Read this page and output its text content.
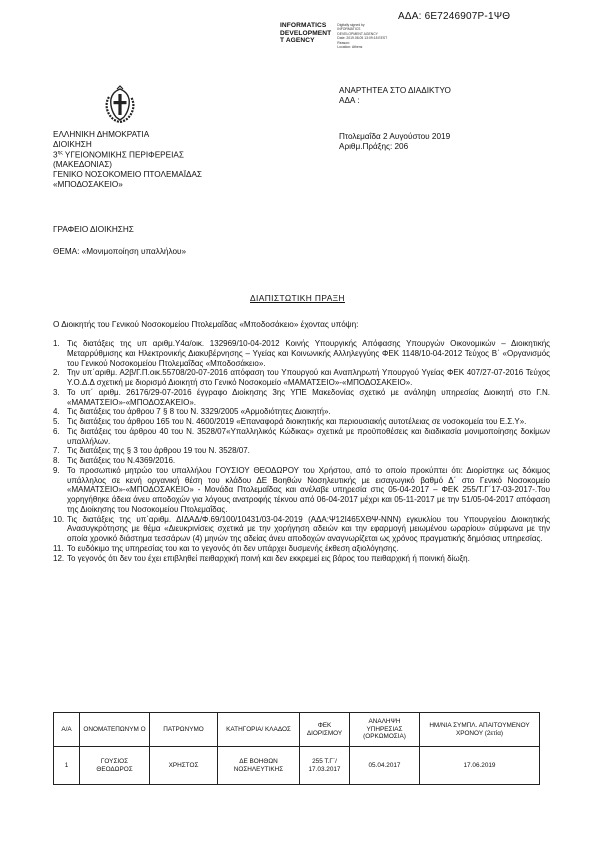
ΑΔΑ: 6Ε7246907Ρ-1ΨΘ
INFORMATICS
DEVELOPMENT
T AGENCY
Digitally signed by
INFORMATICS
DEVELOPMENT AGENCY
Date: 2019.08.05 13:09:18 EEST
Reason:
Location: Athens
ΕΛΛΗΝΙΚΗ ΔΗΜΟΚΡΑΤΙΑ
ΔΙΟΙΚΗΣΗ
$3^{\eta\varsigma}$ ΥΓΕΙΟΝΟΜΙΚΗΣ ΠΕΡΙΦΕΡΕΙΑΣ
(ΜΑΚΕΔΟΝΙΑΣ)
ΓΕΝΙΚΟ ΝΟΣΟΚΟΜΕΙΟ ΠΤΟΛΕΜΑΪΔΑΣ
«ΜΠΟΔΟΣΑΚΕΙΟ»
ΑΝΑΡΤΗΤΕΑ ΣΤΟ ΔΙΑΔΙΚΤΥΟ
ΑΔΑ :
Πτολεμαΐδα 2 Αυγούστου 2019
Αριθμ.Πράξης: 206
ΓΡΑΦΕΙΟ ΔΙΟΙΚΗΣΗΣ
ΘΕΜΑ: «Μονιμοποίηση υπαλλήλου»
ΔΙΑΠΙΣΤΩΤΙΚΗ ΠΡΑΞΗ
Ο Διοικητής του Γενικού Νοσοκομείου Πτολεμαΐδας «Μποδοσάκειο» έχοντας υπόψη:
1. Τις διατάξεις της υπ αριθμ.Υ4α/οικ. 132969/10-04-2012 Κοινής Υπουργικής Απόφασης Υπουργών Οικονομικών – Διοικητικής Μεταρρύθμισης και Ηλεκτρονικής Διακυβέρνησης – Υγείας και Κοινωνικής Αλληλεγγύης ΦΕΚ 1148/10-04-2012 Τεύχος Β΄ «Οργανισμός του Γενικού Νοσοκομείου Πτολεμαΐδας «Μποδοσάκειο».
2. Την υπ΄αριθμ. Α2β/Γ.Π.οικ.55708/20-07-2016 απόφαση του Υπουργού και Αναπληρωτή Υπουργού Υγείας ΦΕΚ 407/27-07-2016 Τεύχος Υ.Ο.Δ.Δ σχετική με διορισμό Διοικητή στο Γενικό Νοσοκομείο «ΜΑΜΑΤΣΕΙΟ»-«ΜΠΟΔΟΣΑΚΕΙΟ».
3. Το υπ΄ αριθμ. 26176/29-07-2016 έγγραφο Διοίκησης 3ης ΥΠΕ Μακεδονίας σχετικό με ανάληψη υπηρεσίας Διοικητή στο Γ.Ν. «ΜΑΜΑΤΣΕΙΟ»-«ΜΠΟΔΟΣΑΚΕΙΟ».
4. Τις διατάξεις του άρθρου 7 § 8 του Ν. 3329/2005 «Αρμοδιότητες Διοικητή».
5. Τις διατάξεις του άρθρου 165 του Ν. 4600/2019 «Επαναφορά διοικητικής και περιουσιακής αυτοτέλειας σε νοσοκομεία του Ε.Σ.Υ».
6. Τις διατάξεις του άρθρου 40 του Ν. 3528/07«Υπαλληλικός Κώδικας» σχετικά με προϋποθέσεις και διαδικασία μονιμοποίησης δοκίμων υπαλλήλων.
7. Τις διατάξεις της § 3 του άρθρου 19 του Ν. 3528/07.
8. Τις διατάξεις του Ν.4369/2016.
9. Το προσωπικό μητρώο του υπαλλήλου ΓΟΥΣΙΟΥ ΘΕΟΔΩΡΟΥ του Χρήστου, από το οποίο προκύπτει ότι: Διορίστηκε ως δόκιμος υπάλληλος σε κενή οργανική θέση του κλάδου ΔΕ Βοηθών Νοσηλευτικής με εισαγωγικό βαθμό Δ΄ στο Γενικό Νοσοκομείο «ΜΑΜΑΤΣΕΙΟ»-«ΜΠΟΔΟΣΑΚΕΙΟ» - Μονάδα Πτολεμαΐδας και ανέλαβε υπηρεσία στις 05-04-2017 – ΦΕΚ 255/Τ.Γ΄17-03-2017-.Του χορηγήθηκε άδεια άνευ αποδοχών για λόγους ανατροφής τέκνου από 06-04-2017 μέχρι και 05-11-2017 με την 51/05-04-2017 απόφαση της Διοίκησης του Νοσοκομείου Πτολεμαΐδας.
10. Τις διατάξεις της υπ΄αριθμ. ΔΙΔΑΔ/Φ.69/100/10431/03-04-2019 (ΑΔΑ:Ψ12Ι465ΧΘΨ-ΝΝΝ) εγκυκλίου του Υπουργείου Διοικητικής Ανασυγκρότησης με θέμα «Διευκρινίσεις σχετικά με την χορήγηση αδειών και την εφαρμογή μειωμένου ωραρίου» σύμφωνα με την οποία χρονικό διάστημα τεσσάρων (4) μηνών της αδείας άνευ αποδοχών αναγνωρίζεται ως χρόνος πραγματικής δημόσιας υπηρεσίας.
11. Το ευδόκιμο της υπηρεσίας του και το γεγονός ότι δεν υπάρχει δυσμενής έκθεση αξιολόγησης.
12. Το γεγονός ότι δεν του έχει επιβληθεί πειθαρχική ποινή και δεν εκκρεμεί εις βάρος του πειθαρχική ή ποινική δίωξη.
Α/Α	ΟΝΟΜΑΤΕΠΩΝΥΜ Ο	ΠΑΤΡΩΝΥΜΟ	ΚΑΤΗΓΟΡΙΑ/ ΚΛΑΔΟΣ	ΦΕΚ ΔΙΟΡΙΣΜΟΥ	ΑΝΑΛΗΨΗ ΥΠΗΡΕΣΙΑΣ (ΟΡΚΩΜΟΣΙΑ)	ΗΜ/ΝΙΑ ΣΥΜΠΛ. ΑΠΑΙΤΟΥΜΕΝΟΥ ΧΡΟΝΟΥ (2ετία)
1	ΓΟΥΣΙΟΣ ΘΕΟΔΩΡΟΣ	ΧΡΗΣΤΟΣ	ΔΕ ΒΟΗΘΩΝ ΝΟΣΗΛΕΥΤΙΚΗΣ	255 Τ.Γ΄/ 17.03.2017	05.04.2017	17.06.2019
